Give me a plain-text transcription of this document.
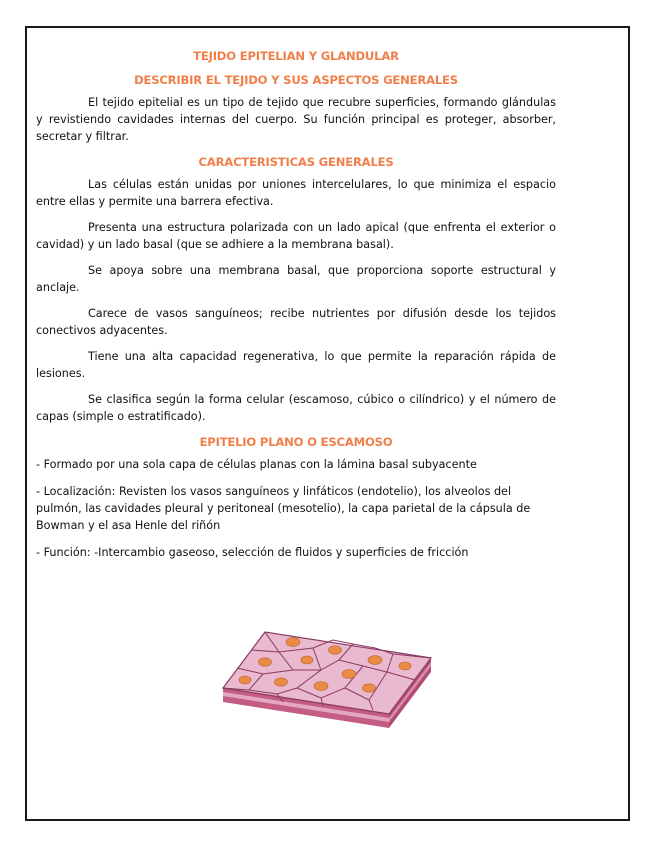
TEJIDO EPITELIAN Y GLANDULAR
DESCRIBIR EL TEJIDO Y SUS ASPECTOS GENERALES

El tejido epitelial es un tipo de tejido que recubre superficies, formando glándulas y revistiendo cavidades internas del cuerpo. Su función principal es proteger, absorber, secretar y filtrar.

CARACTERISTICAS GENERALES

Las células están unidas por uniones intercelulares, lo que minimiza el espacio entre ellas y permite una barrera efectiva.

Presenta una estructura polarizada con un lado apical (que enfrenta el exterior o cavidad) y un lado basal (que se adhiere a la membrana basal).

Se apoya sobre una membrana basal, que proporciona soporte estructural y anclaje.

Carece de vasos sanguíneos; recibe nutrientes por difusión desde los tejidos conectivos adyacentes.

Tiene una alta capacidad regenerativa, lo que permite la reparación rápida de lesiones.

Se clasifica según la forma celular (escamoso, cúbico o cilíndrico) y el número de capas (simple o estratificado).

EPITELIO PLANO O ESCAMOSO

- Formado por una sola capa de células planas con la lámina basal subyacente

- Localización: Revisten los vasos sanguíneos y linfáticos (endotelio), los alveolos del pulmón, las cavidades pleural y peritoneal (mesotelio), la capa parietal de la cápsula de Bowman y el asa Henle del riñón

- Función: -Intercambio gaseoso, selección de fluidos y superficies de fricción
